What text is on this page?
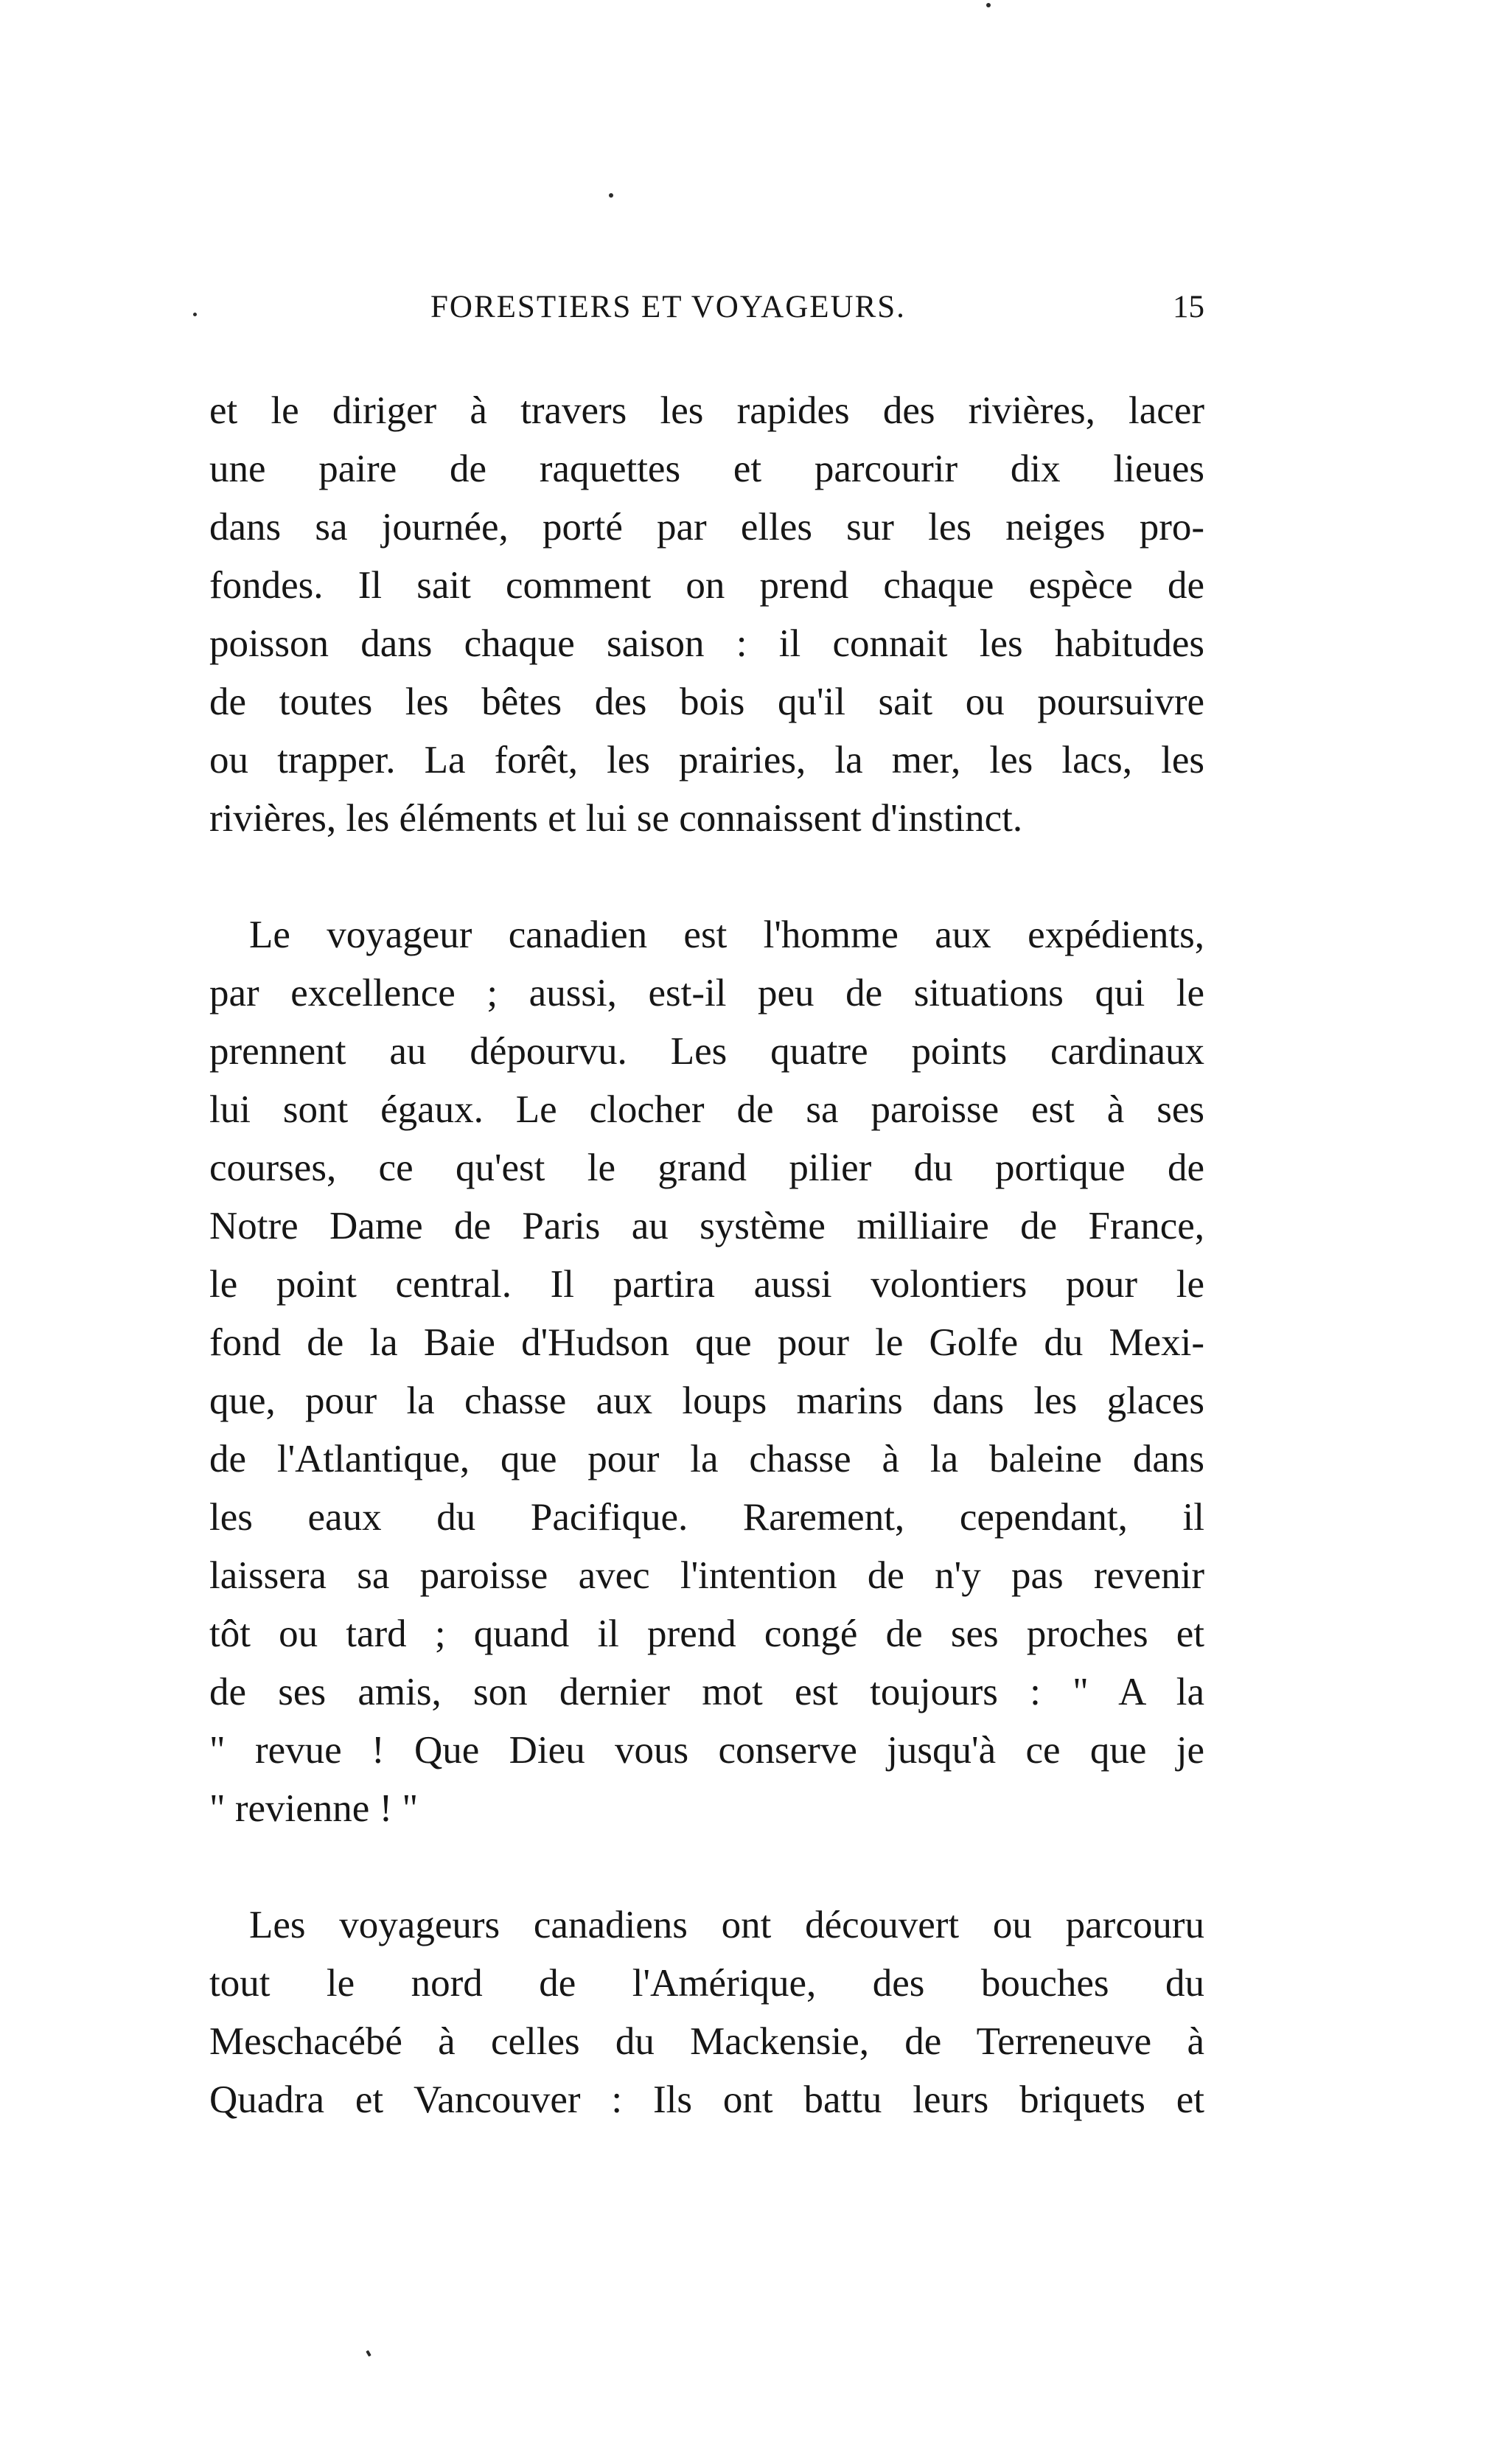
FORESTIERS ET VOYAGEURS.	15
et le diriger à travers les rapides des rivières, lacer
une paire de raquettes et parcourir dix lieues
dans sa journée, porté par elles sur les neiges pro-
fondes. Il sait comment on prend chaque espèce de
poisson dans chaque saison : il connait les habitudes
de toutes les bêtes des bois qu'il sait ou poursuivre
ou trapper. La forêt, les prairies, la mer, les lacs, les
rivières, les éléments et lui se connaissent d'instinct.
Le voyageur canadien est l'homme aux expédients,
par excellence ; aussi, est-il peu de situations qui le
prennent au dépourvu. Les quatre points cardinaux
lui sont égaux. Le clocher de sa paroisse est à ses
courses, ce qu'est le grand pilier du portique de
Notre Dame de Paris au système milliaire de France,
le point central. Il partira aussi volontiers pour le
fond de la Baie d'Hudson que pour le Golfe du Mexi-
que, pour la chasse aux loups marins dans les glaces
de l'Atlantique, que pour la chasse à la baleine dans
les eaux du Pacifique. Rarement, cependant, il
laissera sa paroisse avec l'intention de n'y pas revenir
tôt ou tard ; quand il prend congé de ses proches et
de ses amis, son dernier mot est toujours : " A la
" revue ! Que Dieu vous conserve jusqu'à ce que je
" revienne ! "
Les voyageurs canadiens ont découvert ou parcouru
tout le nord de l'Amérique, des bouches du
Meschacébé à celles du Mackensie, de Terreneuve à
Quadra et Vancouver : Ils ont battu leurs briquets et
